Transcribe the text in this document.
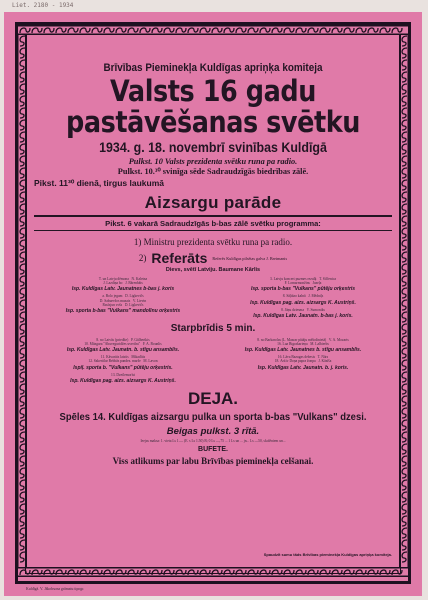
Liet. 2180 - 1934
Brīvības Pieminekļa Kuldīgas apriņķa komiteja
Valsts 16 gadu
pastāvēšanas svētku
1934. g. 18. novembrī svinības Kuldīgā
Pulkst. 10 Valsts prezidenta svētku runa pa radio.
Pulkst. 10.³⁰ svinīga sēde Sadraudzīgās biedrības zālē.
Pikst. 11³⁰ dienā, tirgus laukumā
Aizsargu parāde
Pikst. 6 vakarā Sadraudzīgās b-bas zālē svētku programma:
1) Ministru prezidenta svētku runa pa radio.
2) Referāts Referēs Kuldīgas pilsētas galva J. Breimanis

Dievs, svētī Latviju. Baumane Kārlis
T. un Latvju dēmona N. Kaletna
J. Lazdiņa bo J. Bārenbāts
Isp. Kuldīgas Latv. Jaunatnes b-bas j. koris
a. Bolo jegam D. Ligkevičs
D. Sabuevšos mazais V. Lievin
Rasīsjun vošs D. Ligkevičs
Isp. sporta b-bas "Vulkans" mandolīnu orķestris
3. Latvju koncert puzmes rezulķ T. Šilčenica
F. Lomarmonžins Jazeļa
Isp. sporta b-bas "Vulkans" pūtēju orķestris
8. Sāļtāzo kalnā J. Mēdniļs
Isp. Kuldīgas pag. aizs. aizsargs K. Austriņš.
8. Jāņu dziesma V. Sumoniks
Isp. Kuldīgas Latv. Jaunatn. b-bas j. koris.
Starpbrīdis 5 min.
8. no Latvās (priedīte) P. Gūlbertkis
10. Mūzgara "Abuveguridžes uvertīra" F. A. Bounlis
Isp. Kuldīgas Latv. Jaunatn. b. stīgu ansamblis.
11. Kāvaritis laistis Mikadītis
12. Šakertilar Bebbās pandez. marše M. Lavon
Ispiļ. sporta b. "Vulkans" pūtēju orķestris.
13. Dzeilemorīst
Isp. Kuldīgas pag. aizs. aizsargs K. Austriņš.
8. no Barkarolas (L. Mazrar pūtāju mēlodinietā) V. A. Mozarts
16. Lua Bigrakarieņa M. Lalbierbs
Isp. Kuldīgas Latv. Jaunatnes b. stīgu ansamblis.
16. Lāva Bazugas debesis T. Nārs
18. Ārā ir Doņa papra žonpa J. Kāzīša
Isp. Kuldīgas Latv. Jaunatn. b. j. koris.
DEJA.
Spēles 14. Kuldīgas aizsargu pulka un sporta b-bas "Vulkans" dzesi.
Beigas pulkst. 3 rītā.
Ieejas maksa: 1. vieta Ls 1.— (E. s Ls 1.50) B; 0 Ls —,75 ... 1 Ls un ... jn... Ls —50, skolēniem un...
BUFETE.
Viss atlikums par labu Brīvības pieminekļa celšanai.
Spaudzīt sumu tāds Brīvības pieminekļa Kuldīgas apriņķa komiteja.
Kuldīgā. V. Jākobsona grāmatu tipogr.
